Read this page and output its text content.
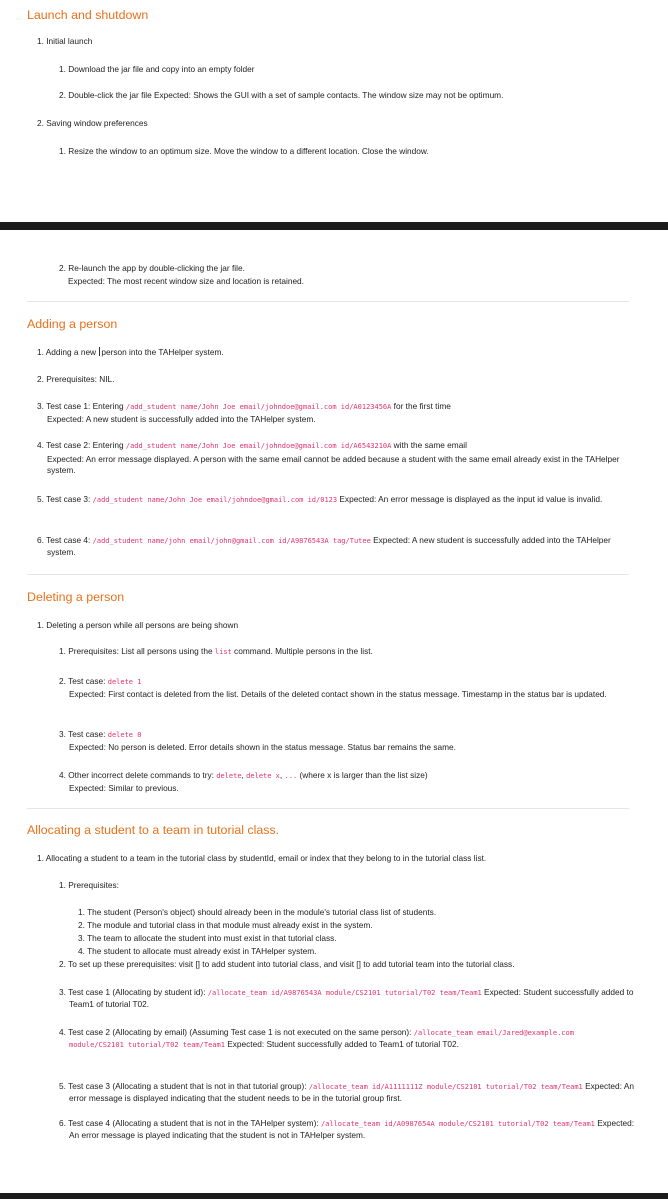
Launch and shutdown
1. Initial launch
1. Download the jar file and copy into an empty folder
2. Double-click the jar file Expected: Shows the GUI with a set of sample contacts. The window size may not be optimum.
2. Saving window preferences
1. Resize the window to an optimum size. Move the window to a different location. Close the window.
2. Re-launch the app by double-clicking the jar file.
Expected: The most recent window size and location is retained.
Adding a person
1. Adding a new person into the TAHelper system.
2. Prerequisites: NIL.
3. Test case 1: Entering /add_student name/John Joe email/johndoe@gmail.com id/A0123456A for the first time
Expected: A new student is successfully added into the TAHelper system.
4. Test case 2: Entering /add_student name/John Joe email/johndoe@gmail.com id/A6543210A with the same email
Expected: An error message displayed. A person with the same email cannot be added because a student with the same email already exist in the TAHelper system.
5. Test case 3: /add_student name/John Joe email/johndoe@gmail.com id/0123 Expected: An error message is displayed as the input id value is invalid.
6. Test case 4: /add_student name/john email/john@gmail.com id/A9876543A tag/Tutee Expected: A new student is successfully added into the TAHelper system.
Deleting a person
1. Deleting a person while all persons are being shown
1. Prerequisites: List all persons using the list command. Multiple persons in the list.
2. Test case: delete 1
Expected: First contact is deleted from the list. Details of the deleted contact shown in the status message. Timestamp in the status bar is updated.
3. Test case: delete 0
Expected: No person is deleted. Error details shown in the status message. Status bar remains the same.
4. Other incorrect delete commands to try: delete, delete x, ... (where x is larger than the list size)
Expected: Similar to previous.
Allocating a student to a team in tutorial class.
1. Allocating a student to a team in the tutorial class by studentId, email or index that they belong to in the tutorial class list.
1. Prerequisites:
1. The student (Person's object) should already been in the module's tutorial class list of students.
2. The module and tutorial class in that module must already exist in the system.
3. The team to allocate the student into must exist in that tutorial class.
4. The student to allocate must already exist in TAHelper system.
2. To set up these prerequisites: visit [] to add student into tutorial class, and visit [] to add tutorial team into the tutorial class.
3. Test case 1 (Allocating by student id): /allocate_team id/A9876543A module/CS2101 tutorial/T02 team/Team1 Expected: Student successfully added to Team1 of tutorial T02.
4. Test case 2 (Allocating by email) (Assuming Test case 1 is not executed on the same person): /allocate_team email/Jared@example.com module/CS2101 tutorial/T02 team/Team1 Expected: Student successfully added to Team1 of tutorial T02.
5. Test case 3 (Allocating a student that is not in that tutorial group): /allocate_team id/A1111111Z module/CS2101 tutorial/T02 team/Team1 Expected: An error message is displayed indicating that the student needs to be in the tutorial group first.
6. Test case 4 (Allocating a student that is not in the TAHelper system): /allocate_team id/A0987654A module/CS2101 tutorial/T02 team/Team1 Expected: An error message is played indicating that the student is not in TAHelper system.
